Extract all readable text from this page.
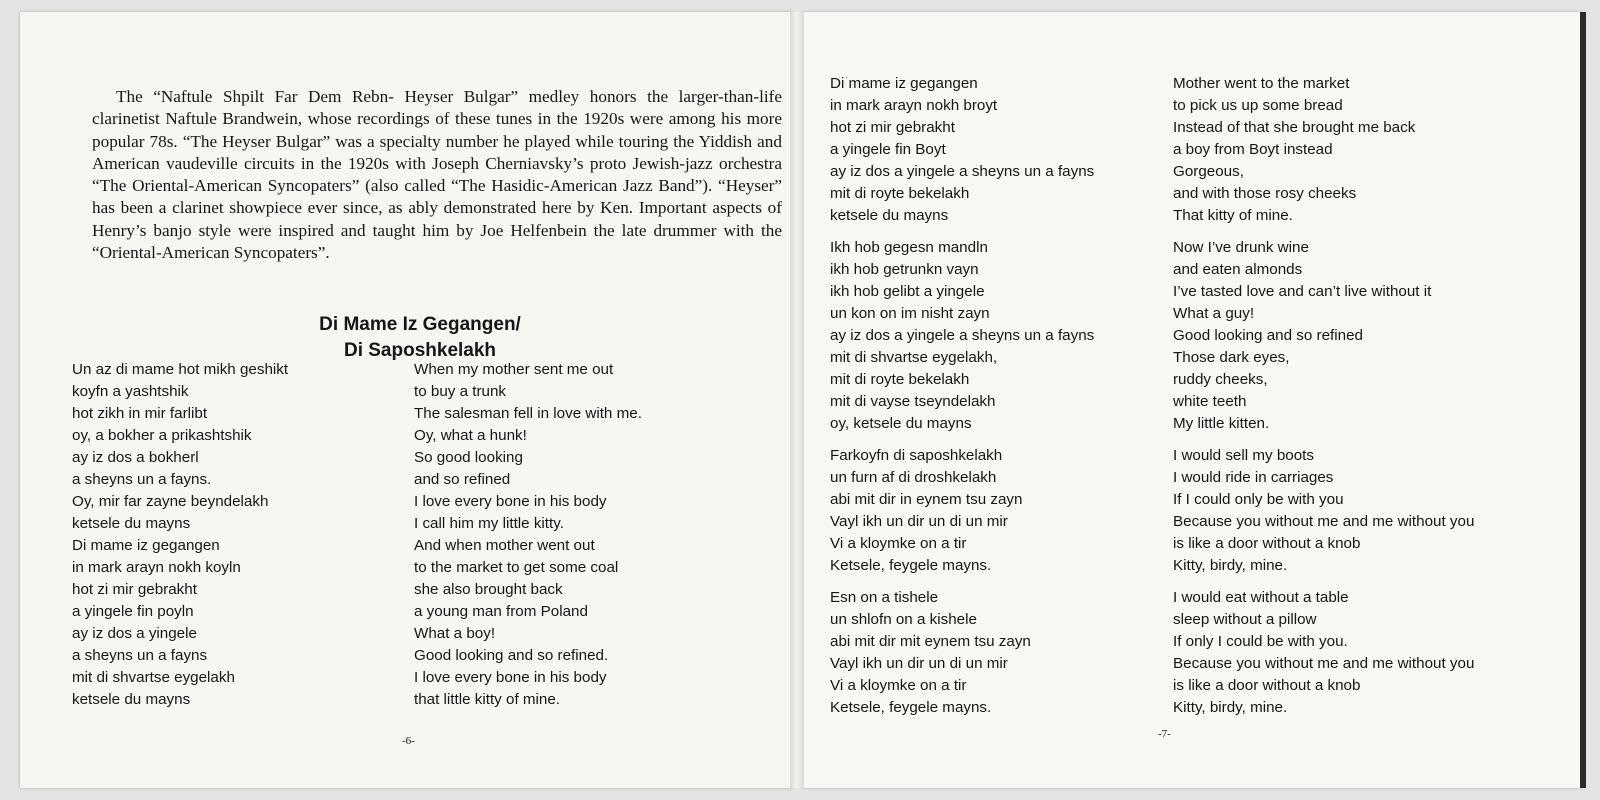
The “Naftule Shpilt Far Dem Rebn- Heyser Bulgar” medley honors the larger-than-life clarinetist Naftule Brandwein, whose recordings of these tunes in the 1920s were among his more popular 78s. “The Heyser Bulgar” was a specialty number he played while touring the Yiddish and American vaudeville circuits in the 1920s with Joseph Cherniavsky’s proto Jewish-jazz orchestra “The Oriental-American Syncopaters” (also called “The Hasidic-American Jazz Band”). “Heyser” has been a clarinet showpiece ever since, as ably demonstrated here by Ken. Important aspects of Henry’s banjo style were inspired and taught him by Joe Helfenbein the late drummer with the “Oriental-American Syncopaters”.

Di Mame Iz Gegangen/
Di Saposhkelakh
Un az di mame hot mikh geshikt
koyfn a yashtshik
hot zikh in mir farlibt
oy, a bokher a prikashtshik
ay iz dos a bokherl
a sheyns un a fayns.
Oy, mir far zayne beyndelakh
ketsele du mayns
Di mame iz gegangen
in mark arayn nokh koyln
hot zi mir gebrakht
a yingele fin poyln
ay iz dos a yingele
a sheyns un a fayns
mit di shvartse eygelakh
ketsele du mayns
When my mother sent me out
to buy a trunk
The salesman fell in love with me.
Oy, what a hunk!
So good looking
and so refined
I love every bone in his body
I call him my little kitty.
And when mother went out
to the market to get some coal
she also brought back
a young man from Poland
What a boy!
Good looking and so refined.
I love every bone in his body
that little kitty of mine.
Di mame iz gegangen
in mark arayn nokh broyt
hot zi mir gebrakht
a yingele fin Boyt
ay iz dos a yingele a sheyns un a fayns
mit di royte bekelakh
ketsele du mayns
Ikh hob gegesn mandln
ikh hob getrunkn vayn
ikh hob gelibt a yingele
un kon on im nisht zayn
ay iz dos a yingele a sheyns un a fayns
mit di shvartse eygelakh,
mit di royte bekelakh
mit di vayse tseyndelakh
oy, ketsele du mayns
Farkoyfn di saposhkelakh
un furn af di droshkelakh
abi mit dir in eynem tsu zayn
Vayl ikh un dir un di un mir
Vi a kloymke on a tir
Ketsele, feygele mayns.
Esn on a tishele
un shlofn on a kishele
abi mit dir mit eynem tsu zayn
Vayl ikh un dir un di un mir
Vi a kloymke on a tir
Ketsele, feygele mayns.
Mother went to the market
to pick us up some bread
Instead of that she brought me back
a boy from Boyt instead
Gorgeous,
and with those rosy cheeks
That kitty of mine.
Now I’ve drunk wine
and eaten almonds
I’ve tasted love and can’t live without it
What a guy!
Good looking and so refined
Those dark eyes,
ruddy cheeks,
white teeth
My little kitten.
I would sell my boots
I would ride in carriages
If I could only be with you
Because you without me and me without you
is like a door without a knob
Kitty, birdy, mine.
I would eat without a table
sleep without a pillow
If only I could be with you.
Because you without me and me without you
is like a door without a knob
Kitty, birdy, mine.
-6-
-7-
